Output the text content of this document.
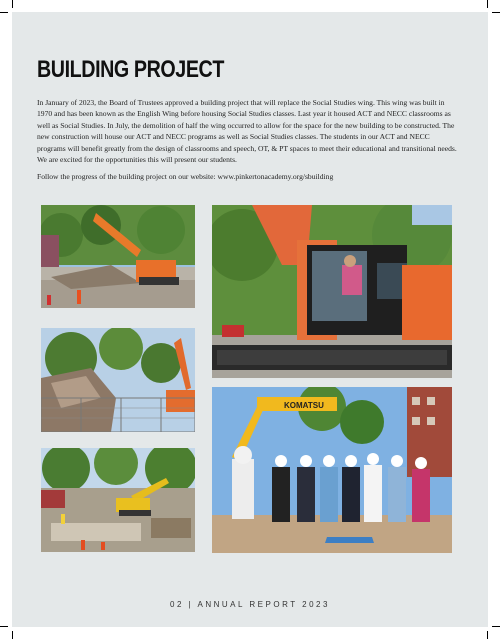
BUILDING PROJECT

In January of 2023, the Board of Trustees approved a building project that will replace the Social Studies wing. This wing was built in 1970 and has been known as the English Wing before housing Social Studies classes. Last year it housed ACT and NECC classrooms as well as Social Studies. In July, the demolition of half the wing occurred to allow for the space for the new building to be constructed. The new construction will house our ACT and NECC programs as well as Social Studies classes. The students in our ACT and NECC programs will benefit greatly from the design of classrooms and speech, OT, & PT spaces to meet their educational and transitional needs. We are excited for the opportunities this will present our students.

Follow the progress of the building project on our website: www.pinkertonacademy.org/sbuilding

KOMATSU
02 | ANNUAL REPORT 2023
